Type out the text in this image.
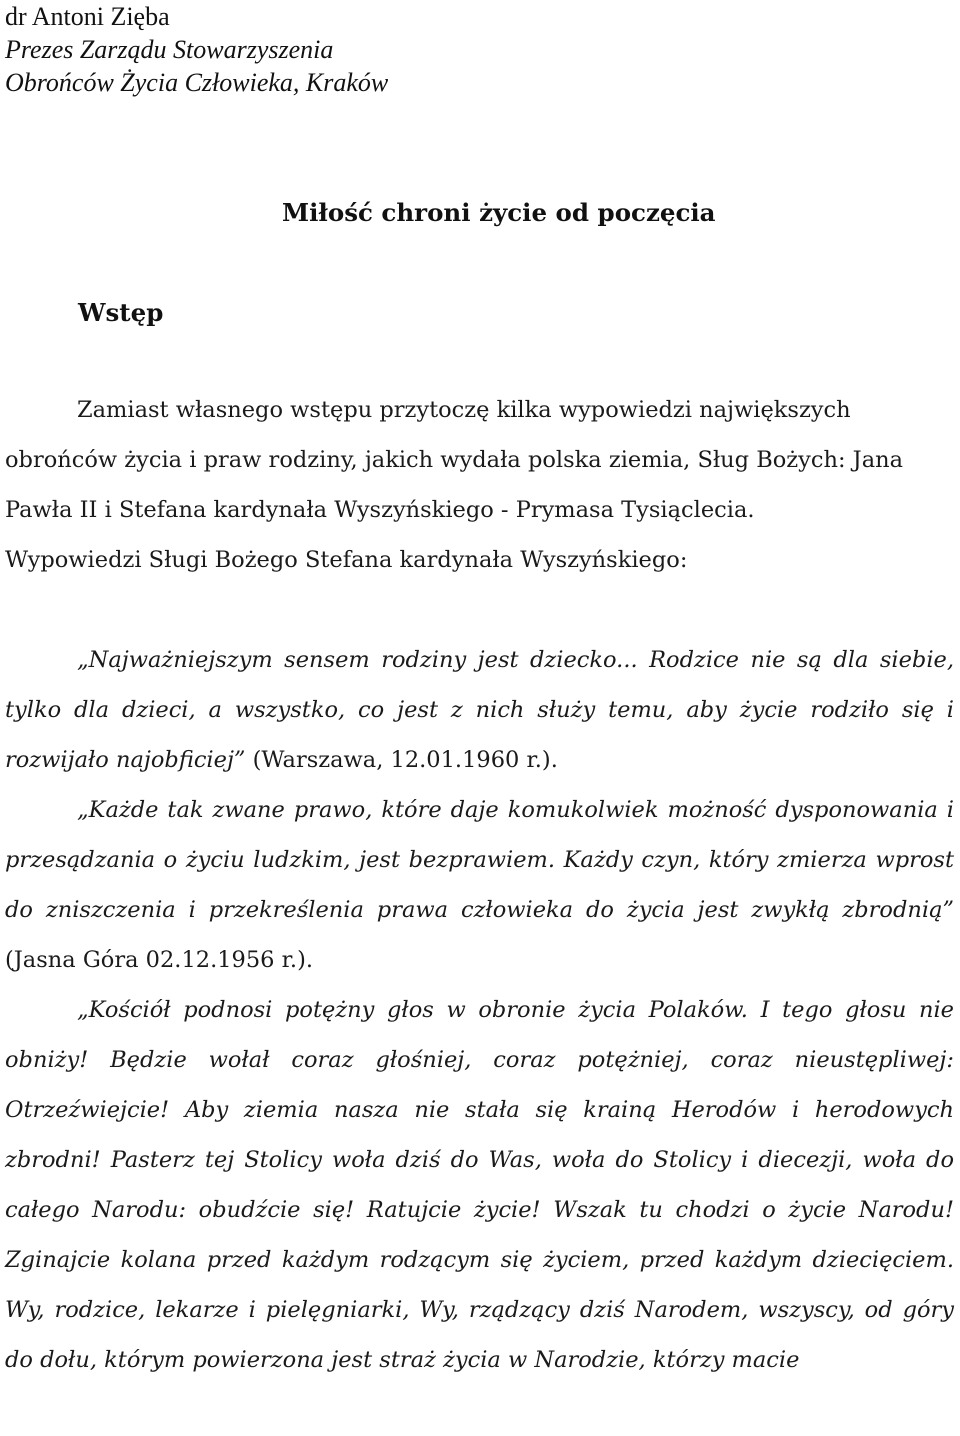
dr Antoni Zięba
Prezes Zarządu Stowarzyszenia
Obrońców Życia Człowieka, Kraków
Miłość chroni życie od poczęcia
Wstęp

Zamiast własnego wstępu przytoczę kilka wypowiedzi największych obrońców życia i praw rodziny, jakich wydała polska ziemia, Sług Bożych: Jana Pawła II i Stefana kardynała Wyszyńskiego - Prymasa Tysiąclecia.
Wypowiedzi Sługi Bożego Stefana kardynała Wyszyńskiego:

„Najważniejszym sensem rodziny jest dziecko... Rodzice nie są dla siebie, tylko dla dzieci, a wszystko, co jest z nich służy temu, aby życie rodziło się i rozwijało najobficiej” (Warszawa, 12.01.1960 r.).

„Każde tak zwane prawo, które daje komukolwiek możność dysponowania i przesądzania o życiu ludzkim, jest bezprawiem. Każdy czyn, który zmierza wprost do zniszczenia i przekreślenia prawa człowieka do życia jest zwykłą zbrodnią” (Jasna Góra 02.12.1956 r.).

„Kościół podnosi potężny głos w obronie życia Polaków. I tego głosu nie obniży! Będzie wołał coraz głośniej, coraz potężniej, coraz nieustępliwej: Otrzeźwiejcie! Aby ziemia nasza nie stała się krainą Herodów i herodowych zbrodni! Pasterz tej Stolicy woła dziś do Was, woła do Stolicy i diecezji, woła do całego Narodu: obudźcie się! Ratujcie życie! Wszak tu chodzi o życie Narodu! Zginajcie kolana przed każdym rodzącym się życiem, przed każdym dziecięciem. Wy, rodzice, lekarze i pielęgniarki, Wy, rządzący dziś Narodem, wszyscy, od góry do dołu, którym powierzona jest straż życia w Narodzie, którzy macie
